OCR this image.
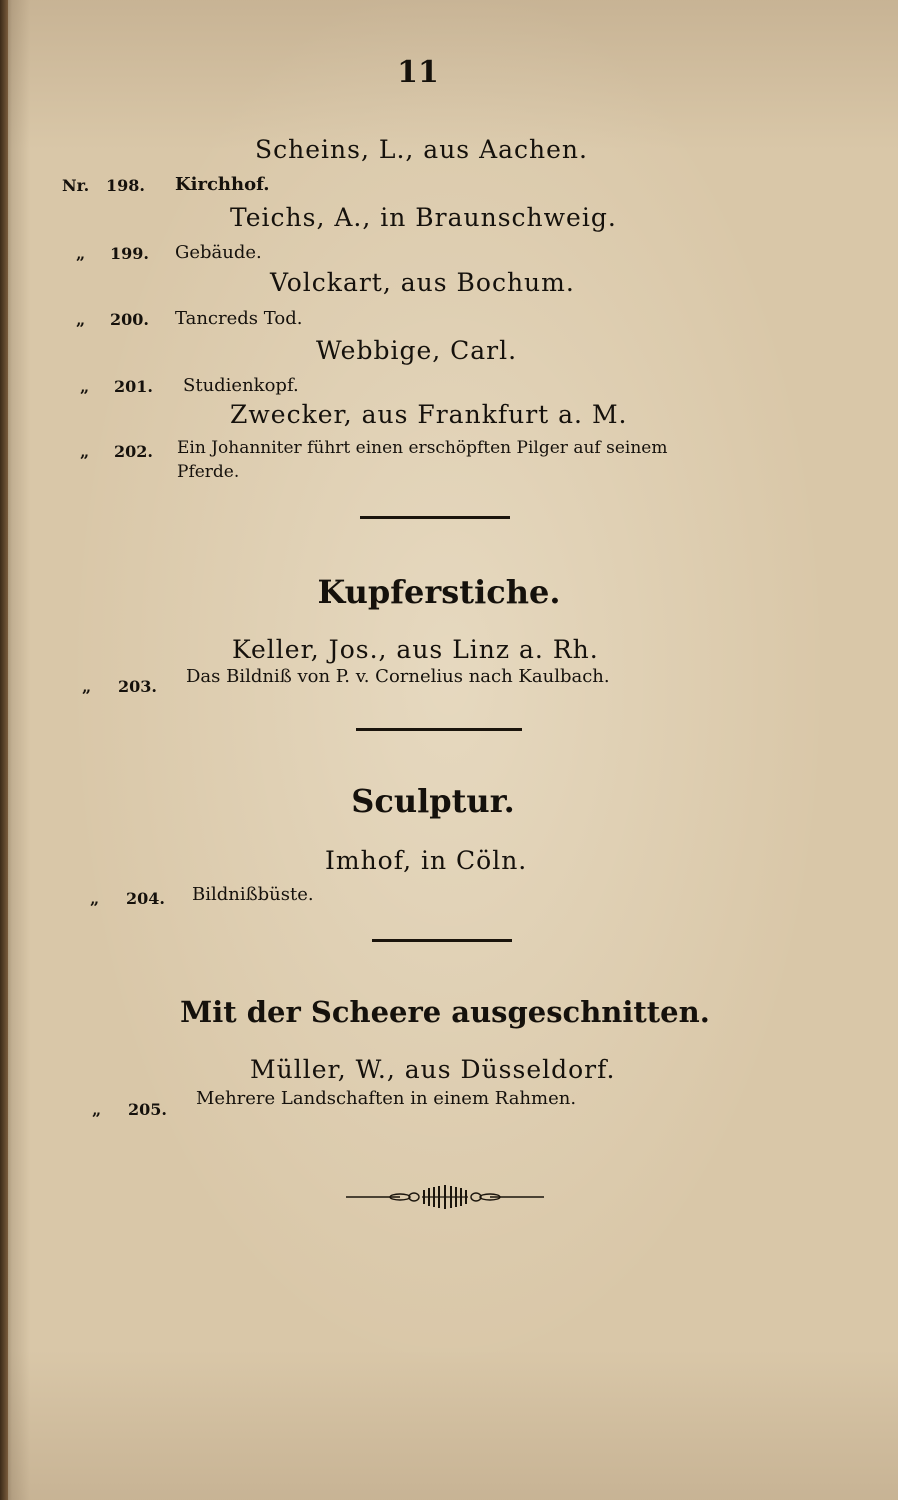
11
Scheins, L., aus Aachen.
Nr. 198. Kirchhof.
Teichs, A., in Braunschweig.
„ 199. Gebäude.
Volckart, aus Bochum.
„ 200. Tancreds Tod.
Webbige, Carl.
„ 201. Studienkopf.
Zwecker, aus Frankfurt a. M.
„ 202. Ein Johanniter führt einen erschöpften Pilger auf seinem
Pferde.
Kupferstiche.
Keller, Jos., aus Linz a. Rh.
„ 203. Das Bildniß von P. v. Cornelius nach Kaulbach.
Sculptur.
Imhof, in Cöln.
„ 204. Bildnißbüste.
Mit der Scheere ausgeschnitten.
Müller, W., aus Düsseldorf.
„ 205.
Mehrere Landschaften in einem Rahmen.
